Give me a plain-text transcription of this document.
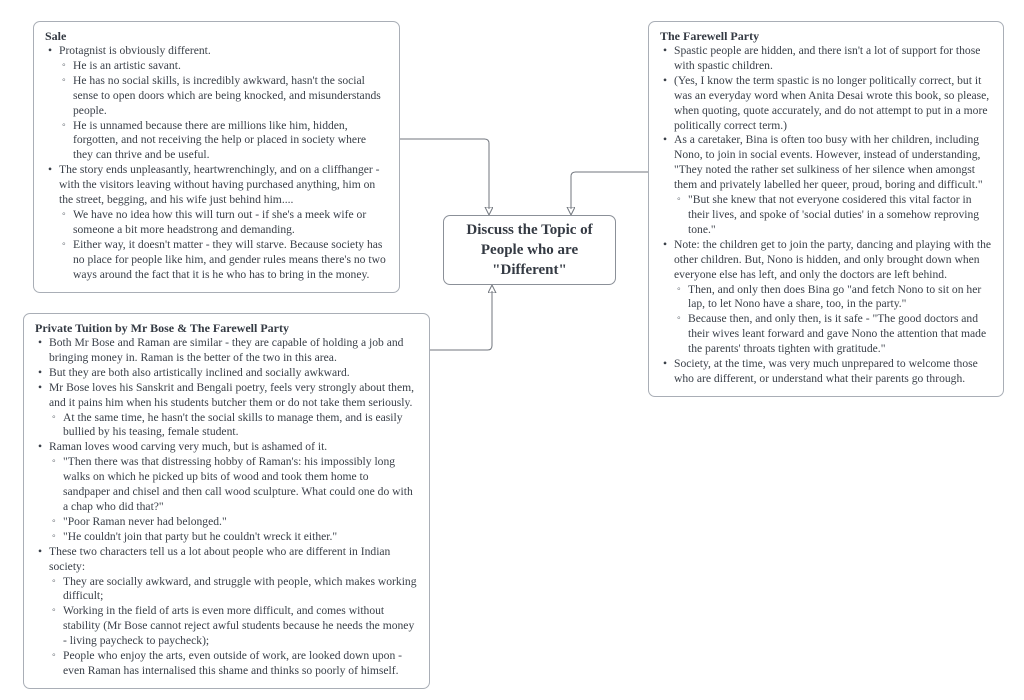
Sale
• Protagnist is obviously different.
◦ He is an artistic savant.
◦ He has no social skills, is incredibly awkward, hasn't the social sense to open doors which are being knocked, and misunderstands people.
◦ He is unnamed because there are millions like him, hidden, forgotten, and not receiving the help or placed in society where they can thrive and be useful.
• The story ends unpleasantly, heartwrenchingly, and on a cliffhanger - with the visitors leaving without having purchased anything, him on the street, begging, and his wife just behind him....
◦ We have no idea how this will turn out - if she's a meek wife or someone a bit more headstrong and demanding.
◦ Either way, it doesn't matter - they will starve. Because society has no place for people like him, and gender rules means there's no two ways around the fact that it is he who has to bring in the money.
The Farewell Party
• Spastic people are hidden, and there isn't a lot of support for those with spastic children.
• (Yes, I know the term spastic is no longer politically correct, but it was an everyday word when Anita Desai wrote this book, so please, when quoting, quote accurately, and do not attempt to put in a more politically correct term.)
• As a caretaker, Bina is often too busy with her children, including Nono, to join in social events. However, instead of understanding, "They noted the rather set sulkiness of her silence when amongst them and privately labelled her queer, proud, boring and difficult."
◦ "But she knew that not everyone cosidered this vital factor in their lives, and spoke of 'social duties' in a somehow reproving tone."
• Note: the children get to join the party, dancing and playing with the other children. But, Nono is hidden, and only brought down when everyone else has left, and only the doctors are left behind.
◦ Then, and only then does Bina go "and fetch Nono to sit on her lap, to let Nono have a share, too, in the party."
◦ Because then, and only then, is it safe - "The good doctors and their wives leant forward and gave Nono the attention that made the parents' throats tighten with gratitude."
• Society, at the time, was very much unprepared to welcome those who are different, or understand what their parents go through.
Private Tuition by Mr Bose & The Farewell Party
• Both Mr Bose and Raman are similar - they are capable of holding a job and bringing money in. Raman is the better of the two in this area.
• But they are both also artistically inclined and socially awkward.
• Mr Bose loves his Sanskrit and Bengali poetry, feels very strongly about them, and it pains him when his students butcher them or do not take them seriously.
◦ At the same time, he hasn't the social skills to manage them, and is easily bullied by his teasing, female student.
• Raman loves wood carving very much, but is ashamed of it.
◦ "Then there was that distressing hobby of Raman's: his impossibly long walks on which he picked up bits of wood and took them home to sandpaper and chisel and then call wood sculpture. What could one do with a chap who did that?"
◦ "Poor Raman never had belonged."
◦ "He couldn't join that party but he couldn't wreck it either."
• These two characters tell us a lot about people who are different in Indian society:
◦ They are socially awkward, and struggle with people, which makes working difficult;
◦ Working in the field of arts is even more difficult, and comes without stability (Mr Bose cannot reject awful students because he needs the money - living paycheck to paycheck);
◦ People who enjoy the arts, even outside of work, are looked down upon - even Raman has internalised this shame and thinks so poorly of himself.
Discuss the Topic of
People who are
"Different"
